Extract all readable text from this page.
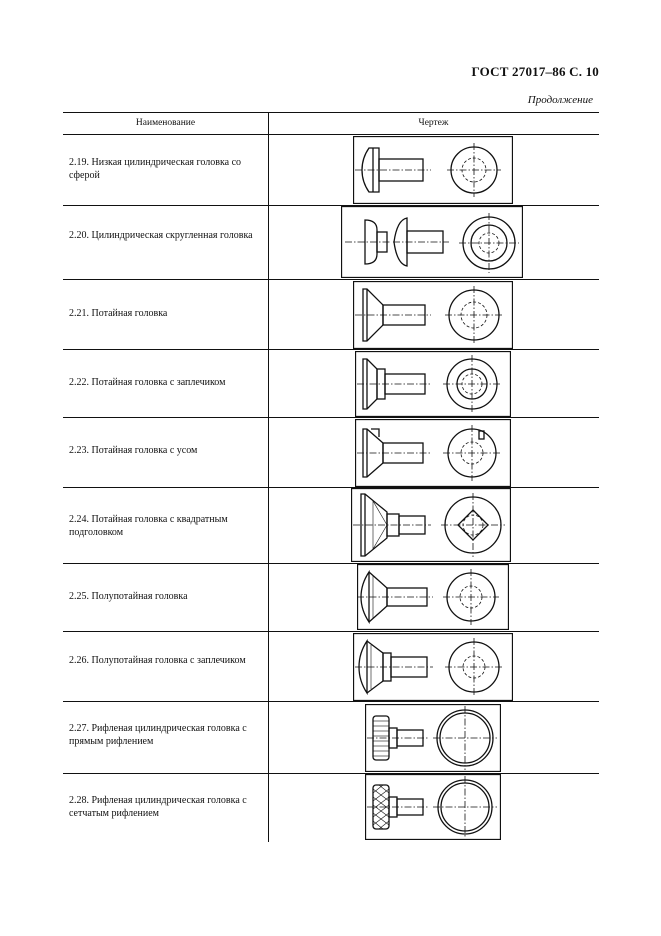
ГОСТ 27017–86 С. 10
Продолжение
Наименование	Чертеж
2.19. Низкая цилиндрическая головка со сферой
2.20. Цилиндрическая скругленная головка
2.21. Потайная головка
2.22. Потайная головка с заплечиком
2.23. Потайная головка с усом
2.24. Потайная головка с квадратным подголовком
2.25. Полупотайная головка
2.26. Полупотайная головка с заплечиком
2.27. Рифленая цилиндрическая головка с прямым рифлением
2.28. Рифленая цилиндрическая головка с сетчатым рифлением
